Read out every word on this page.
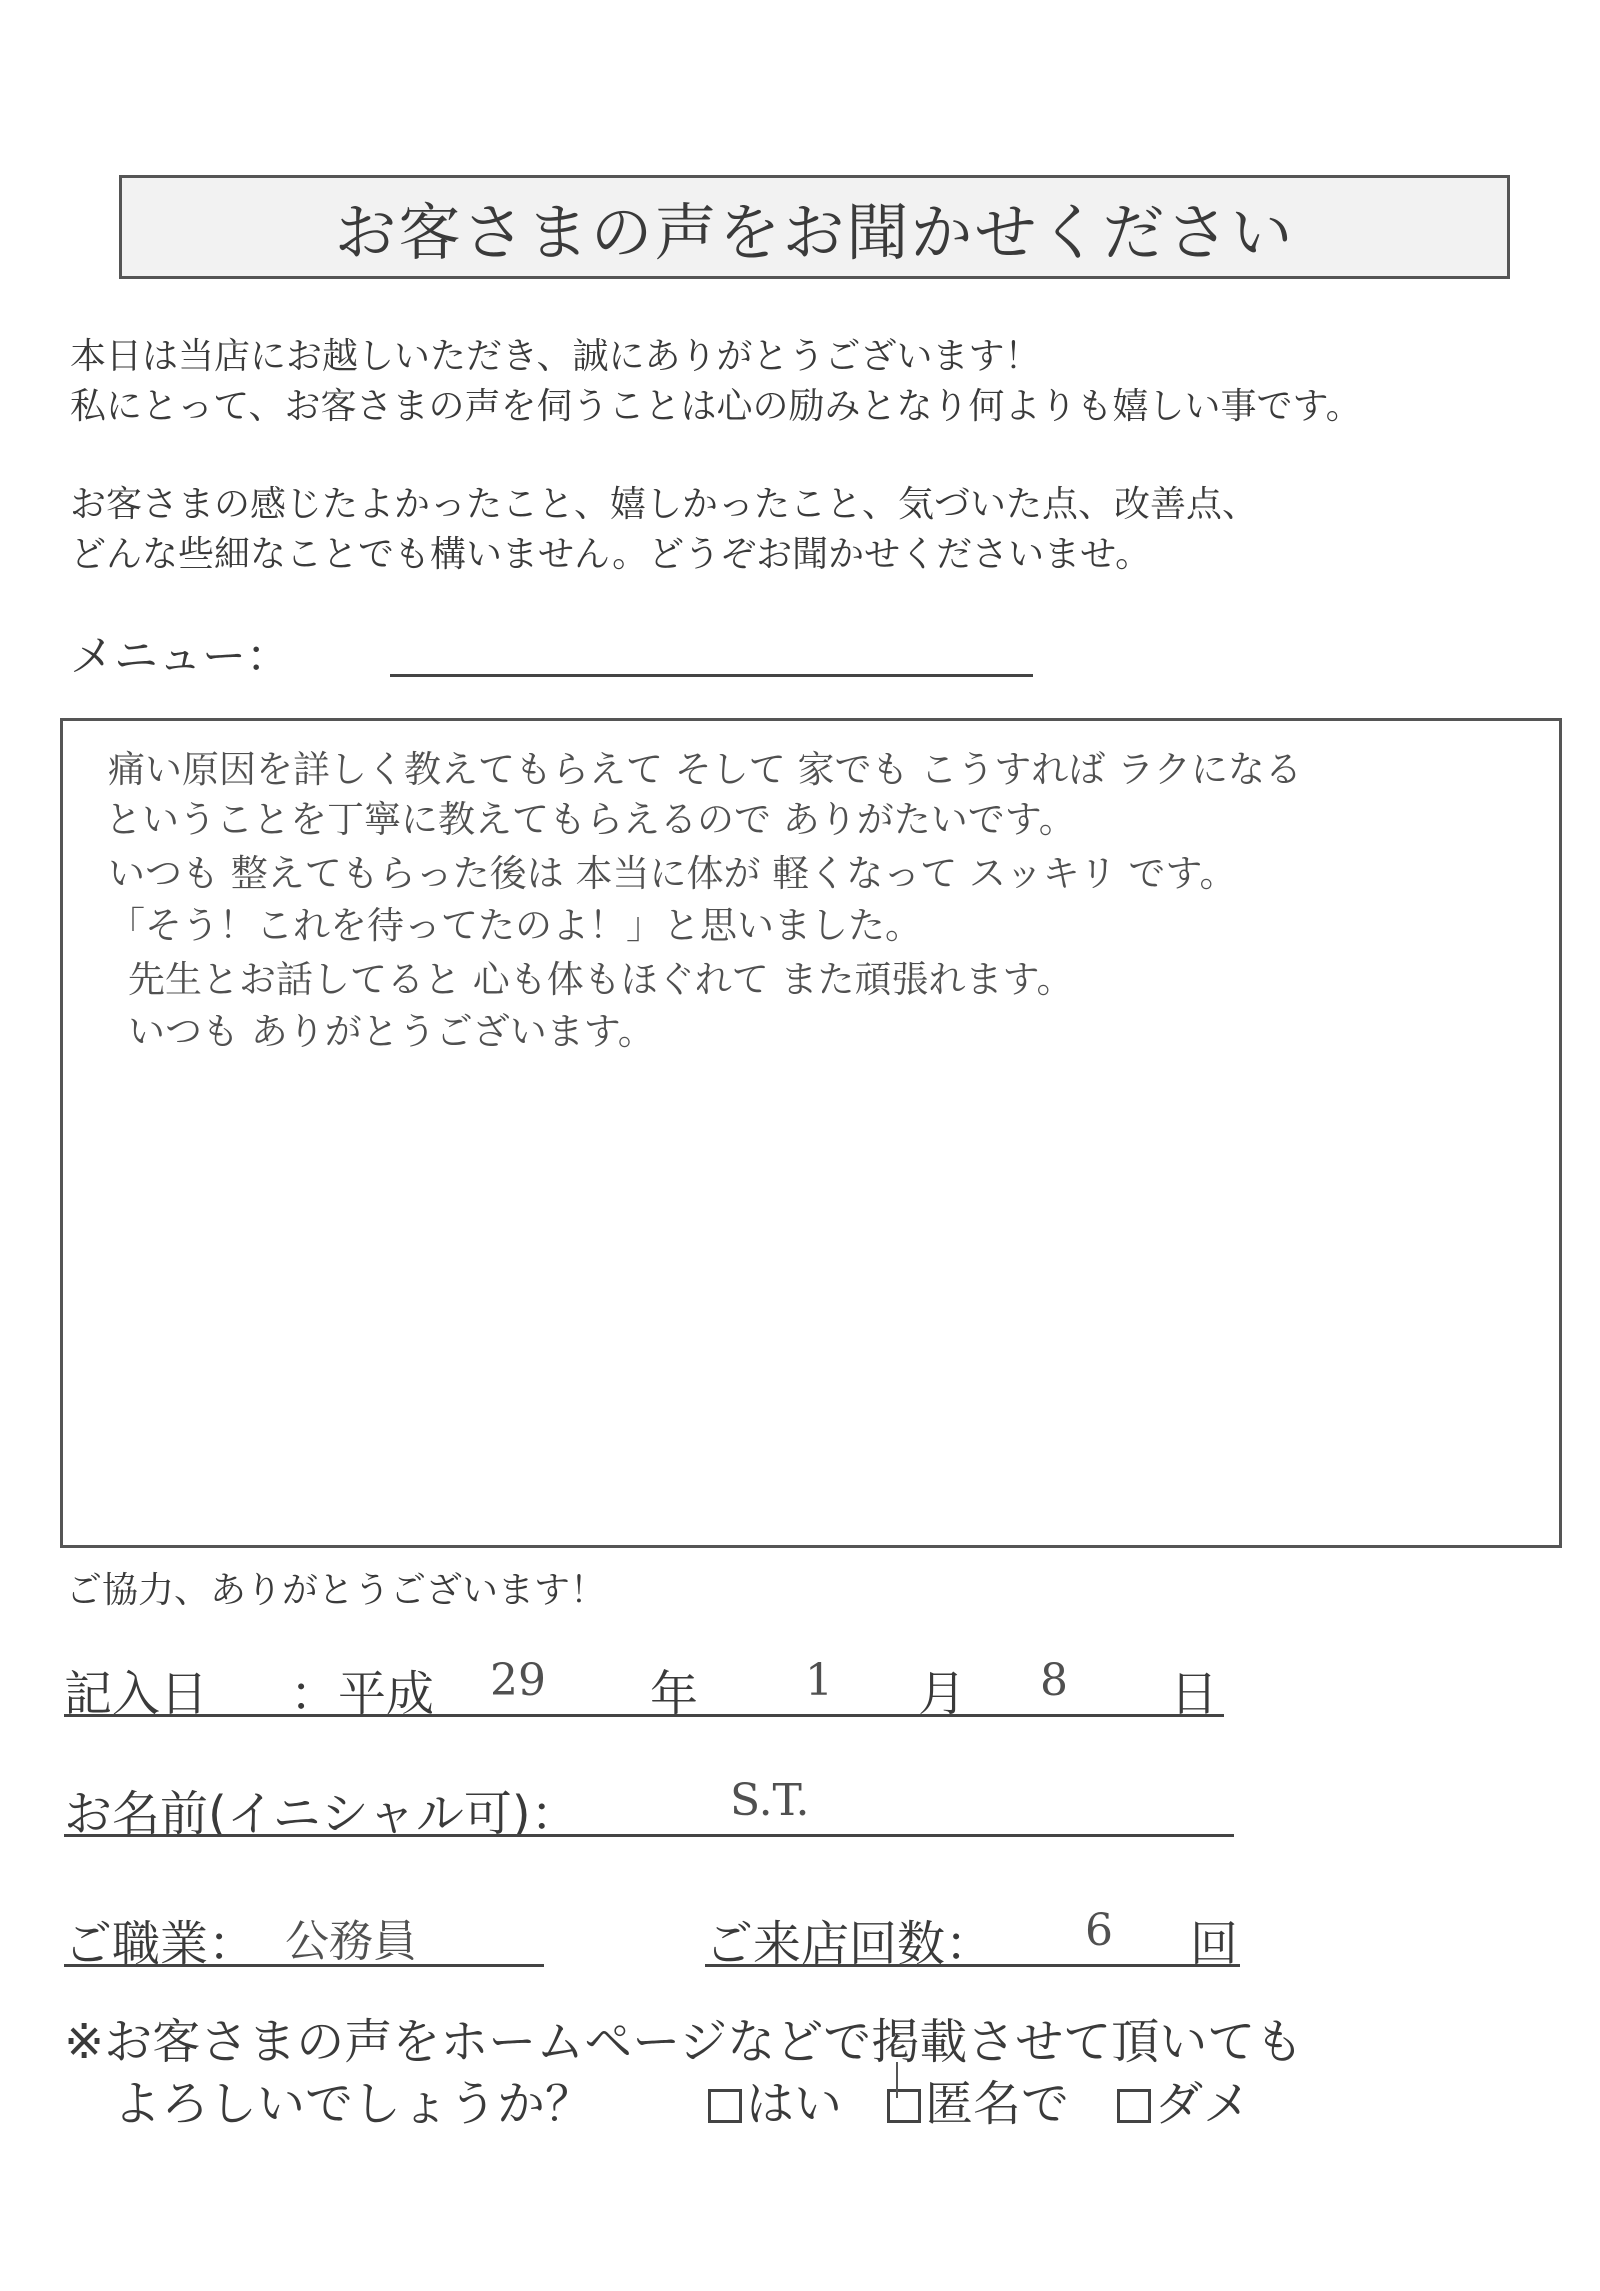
お客さまの声をお聞かせください
本日は当店にお越しいただき、誠にありがとうございます！
私にとって、お客さまの声を伺うことは心の励みとなり何よりも嬉しい事です。
お客さまの感じたよかったこと、嬉しかったこと、気づいた点、改善点、
どんな些細なことでも構いません。どうぞお聞かせくださいませ。
メニュー：
痛い原因を詳しく教えてもらえて そして 家でも こうすれば ラクになる
ということを丁寧に教えてもらえるので ありがたいです。
いつも 整えてもらった後は 本当に体が 軽くなって スッキリ です。
「そう！これを待ってたのよ！」と思いました。
先生とお話してると 心も体もほぐれて また頑張れます。
いつも ありがとうございます。
ご協力、ありがとうございます！
記入日 ：平成 29 年 1 月 8 日
お名前(イニシャル可)：	S.T.
ご職業： 公務員	ご来店回数： 6 回
※お客さまの声をホームページなどで掲載させて頂いても
よろしいでしょうか？	はい	匿名で	ダメ
